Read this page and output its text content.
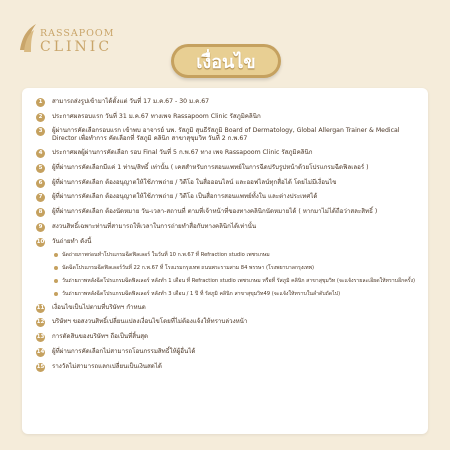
RASSAPOOM
CLINIC
เงื่อนไข
1	สามารถส่งรูปเข้ามาได้ตั้งแต่ วันที่ 17 ม.ค.67 - 30 ม.ค.67
2	ประกาศผลรอบแรก วันที่ 31 ม.ค.67 ทางเพจ Rassapoom Clinic รัสภูมิคลินิก
3	ผู้ผ่านการคัดเลือกรอบแรก เข้าพบ อาจารย์ นพ. รัสภูมิ สุนธีรัสภูมิ Board of Dermatology, Global Allergan Trainer & Medical Director เพื่อทำการ คัดเลือกที่ รัสภูมิ คลินิก สาขาสุขุมวิท วันที่ 2 ก.พ.67
4	ประกาศผลผู้ผ่านการคัดเลือก รอบ Final วันที่ 5 ก.พ.67 ทาง เพจ Rassapoom Clinic รัสภูมิคลินิก
5	ผู้ที่ผ่านการคัดเลือกมีแค่ 1 ท่าน/สิทธิ์ เท่านั้น ( เคสสำหรับการสอนแพทย์ในการฉีดปรับรูปหน้าด้วยโปรแกรมฉีดฟิลเลอร์ )
6	ผู้ที่ผ่านการคัดเลือก ต้องอนุญาตให้ใช้ภาพถ่าย / วิดีโอ ในสื่อออนไลน์ และออฟไลน์ทุกสื่อได้ โดยไม่มีเงื่อนไข
7	ผู้ที่ผ่านการคัดเลือก ต้องอนุญาตให้ใช้ภาพถ่าย / วิดีโอ เป็นสื่อการสอนแพทย์ทั้งใน และต่างประเทศได้
8	ผู้ที่ผ่านการคัดเลือก ต้องนัดหมาย วัน-เวลา-สถานที่ ตามที่เจ้าหน้าที่ของทางคลินิกนัดหมายได้ ( หากมาไม่ได้ถือว่าสละสิทธิ์ )
9	สงวนสิทธิ์เฉพาะท่านที่สามารถให้เวลาในการถ่ายทำสื่อกับทางคลินิกได้เท่านั้น
10 วันถ่ายทำ ดังนี้
นัดถ่ายภาพก่อนทำโปรแกรมฉีดฟิลเลอร์ ในวันที่ 10 ก.พ.67 ที่ Refraction studio เพชรเกษม
นัดฉีดโปรแกรมฉีดฟิลเลอร์วันที่ 22 ก.พ.67 ที่ โรงแรมกรุงเทพ ถนนพระรามสาม 84 พรรษา (โรงพยาบาลกรุงเทพ)
วันถ่ายภาพหลังฉีดโปรแกรมฉีดฟิลเลอร์ หลังทำ 1 เดือน ที่ Refraction studio เพชรเกษม หรือที่ รัสภูมิ คลินิก สาขาสุขุมวิท (จะแจ้งรายละเอียดให้ทราบอีกครั้ง)
วันถ่ายภาพหลังฉีดโปรแกรมฉีดฟิลเลอร์ หลังทำ 3 เดือน / 1 ปี ที่ รัสภูมิ คลินิก สาขาสุขุมวิท49 (จะแจ้งให้ทราบในลำดับถัดไป)
11 เงื่อนไขเป็นไปตามที่บริษัทฯ กำหนด
12 บริษัทฯ ขอสงวนสิทธิ์เปลี่ยนแปลงเงื่อนไขโดยที่ไม่ต้องแจ้งให้ทราบล่วงหน้า
13 การตัดสินของบริษัทฯ ถือเป็นที่สิ้นสุด
14 ผู้ที่ผ่านการคัดเลือกไม่สามารถโอนกรรมสิทธิ์ให้ผู้อื่นได้
15 รางวัลไม่สามารถแลกเปลี่ยนเป็นเงินสดได้
